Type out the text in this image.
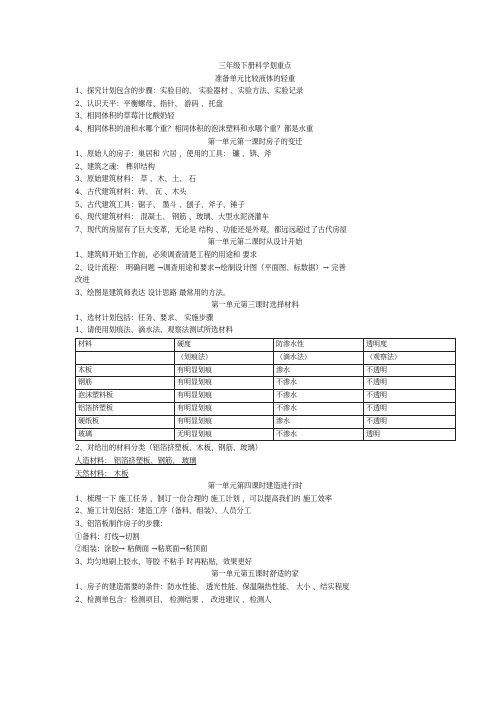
三年级下册科学划重点
准备单元比较液体的轻重
1、探究计划包含的步骤：实验目的、 实验器材 、实验方法、实验记录
2、认识天平：平衡螺母、指针、 游码 、托盘
3、相同体积的草莓汁比酸奶轻
4、相同体积的油和水哪个重？相同体积的泡沫塑料和水哪个重？都是水重
第一单元第一课时房子的变迁
1、原始人的房子：巢居和 穴居 ，使用的工具： 镰 、锛、斧
2、建筑之魂： 榫卯结构
3、原始建筑材料： 草 、木、土、 石
4、古代建筑材料：砖、 瓦 、木头
5、古代建筑工具：锯子、 墨斗 、刨子、斧子、锤子
6、现代建筑材料： 混凝土、 钢筋 、玻璃、大型水泥浇灌车
7、现代的房屋有了巨大变革，无论是 结构 、功能还是外观，都远远超过了古代房屋
第一单元第二课时从设计开始
1、建筑师开始工作前，必须调查清楚工程的用途和 要求
2、设计流程： 明确问题 →调查用途和要求→绘制设计图（平面图、标数据）→ 完善
改进
3、绘图是建筑师表达 设计思路 最常用的方法。
第一单元第三课时选择材料
1、选材计划包括：任务、要求、 实施步骤
1、请使用划痕法、滴水法、观察法测试所选材料
材料	硬度	防渗水性	透明度
	（划痕法）	（滴水法）	（观察法）
木板	有明显划痕	渗水	不透明
钢筋	有明显划痕	不渗水	不透明
泡沫塑料板	有明显划痕	不渗水	不透明
铝箔挤塑板	有明显划痕	不渗水	不透明
硬纸板	有明显划痕	渗水	不透明
玻璃	无明显划痕	不渗水	透明
2、对给出的材料分类（铝箔挤塑板、木板、钢筋、玻璃）
人造材料： 铝箔挤塑板、钢筋、 玻璃
天然材料： 木板
第一单元第四课时建造进行时
1、梳理一下 施工任务 ，制订一份合理的 施工计划 ，可以提高我们的 施工效率
2、施工计划包括：建造工序（备料、组装）、人员分工
3、铝箔板制作房子的步骤：
①备料：打线→切割
②组装：涂胶→ 粘侧面 →粘底面→粘顶面
3、均匀地刷上胶水，等胶 不粘手 时再粘贴，效果更好
第一单元第五课时舒适的家
1、房子的建造需要的条件：防水性能、 透光性能、保温隔热性能、 大小 、结实程度
2、检测单包含：检测项目、 检测结果 、 改进建议 、检测人
